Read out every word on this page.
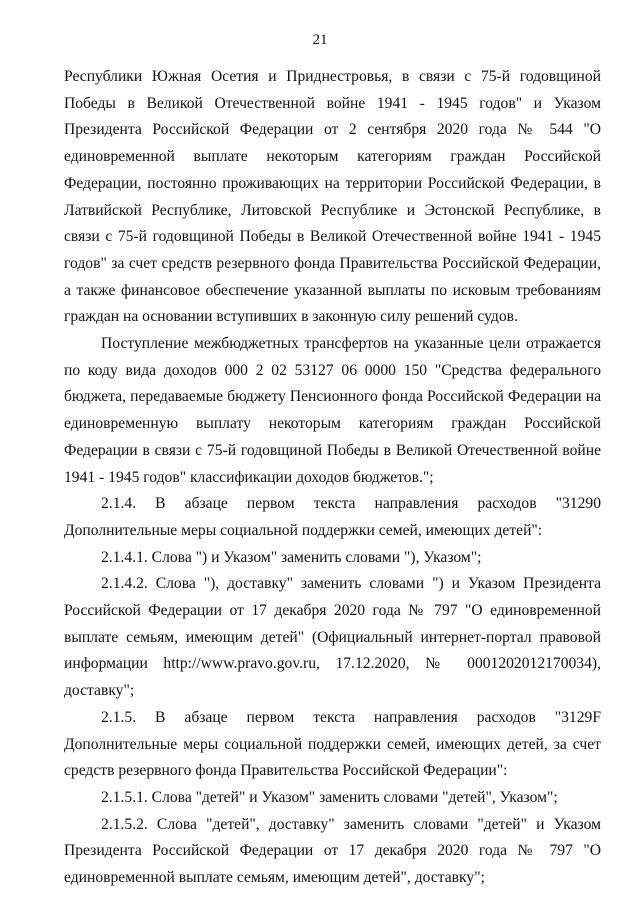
21

Республики Южная Осетия и Приднестровья, в связи с 75-й годовщиной Победы в Великой Отечественной войне 1941 - 1945 годов" и Указом Президента Российской Федерации от 2 сентября 2020 года № 544 "О единовременной выплате некоторым категориям граждан Российской Федерации, постоянно проживающих на территории Российской Федерации, в Латвийской Республике, Литовской Республике и Эстонской Республике, в связи с 75-й годовщиной Победы в Великой Отечественной войне 1941 - 1945 годов" за счет средств резервного фонда Правительства Российской Федерации, а также финансовое обеспечение указанной выплаты по исковым требованиям граждан на основании вступивших в законную силу решений судов.

Поступление межбюджетных трансфертов на указанные цели отражается по коду вида доходов 000 2 02 53127 06 0000 150 "Средства федерального бюджета, передаваемые бюджету Пенсионного фонда Российской Федерации на единовременную выплату некоторым категориям граждан Российской Федерации в связи с 75-й годовщиной Победы в Великой Отечественной войне 1941 - 1945 годов" классификации доходов бюджетов.";

2.1.4. В абзаце первом текста направления расходов "31290 Дополнительные меры социальной поддержки семей, имеющих детей":

2.1.4.1. Слова ") и Указом" заменить словами "), Указом";

2.1.4.2. Слова "), доставку" заменить словами ") и Указом Президента Российской Федерации от 17 декабря 2020 года № 797 "О единовременной выплате семьям, имеющим детей" (Официальный интернет-портал правовой информации http://www.pravo.gov.ru, 17.12.2020, № 0001202012170034), доставку";

2.1.5. В абзаце первом текста направления расходов "3129F Дополнительные меры социальной поддержки семей, имеющих детей, за счет средств резервного фонда Правительства Российской Федерации":

2.1.5.1. Слова "детей" и Указом" заменить словами "детей", Указом";

2.1.5.2. Слова "детей", доставку" заменить словами "детей" и Указом Президента Российской Федерации от 17 декабря 2020 года № 797 "О единовременной выплате семьям, имеющим детей", доставку";
